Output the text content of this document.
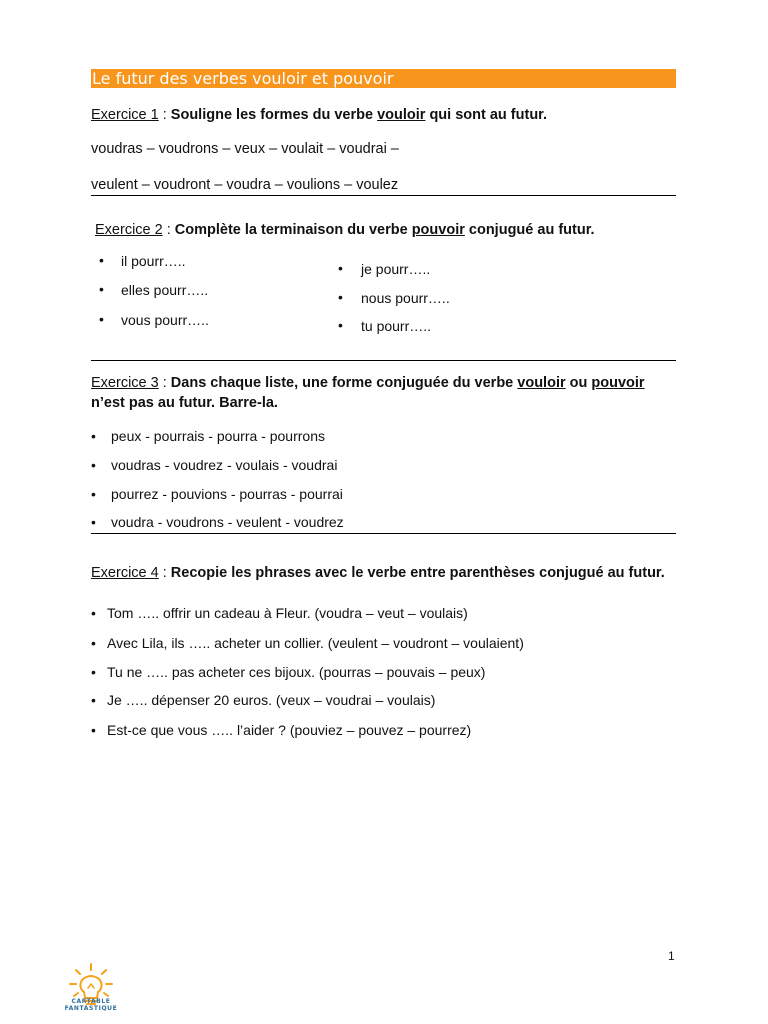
Le futur des verbes vouloir et pouvoir
Exercice 1 : Souligne les formes du verbe vouloir qui sont au futur.
voudras – voudrons – veux – voulait – voudrai –
veulent – voudront – voudra – voulions – voulez
Exercice 2 : Complète la terminaison du verbe pouvoir conjugué au futur.
• il pourr…..
• elles pourr…..
• vous pourr…..
• je pourr…..
• nous pourr…..
• tu pourr…..
Exercice 3 : Dans chaque liste, une forme conjuguée du verbe vouloir ou pouvoir
n’est pas au futur. Barre-la.
• peux - pourrais - pourra - pourrons
• voudras - voudrez - voulais - voudrai
• pourrez - pouvions - pourras - pourrai
• voudra - voudrons - veulent - voudrez
Exercice 4 : Recopie les phrases avec le verbe entre parenthèses conjugué au futur.
• Tom ….. offrir un cadeau à Fleur. (voudra – veut – voulais)
• Avec Lila, ils ….. acheter un collier. (veulent – voudront – voulaient)
• Tu ne ….. pas acheter ces bijoux. (pourras – pouvais – peux)
• Je ….. dépenser 20 euros. (veux – voudrai – voulais)
• Est-ce que vous ….. l’aider ? (pouviez – pouvez – pourrez)
1
CARTABLE
FANTASTIQUE
